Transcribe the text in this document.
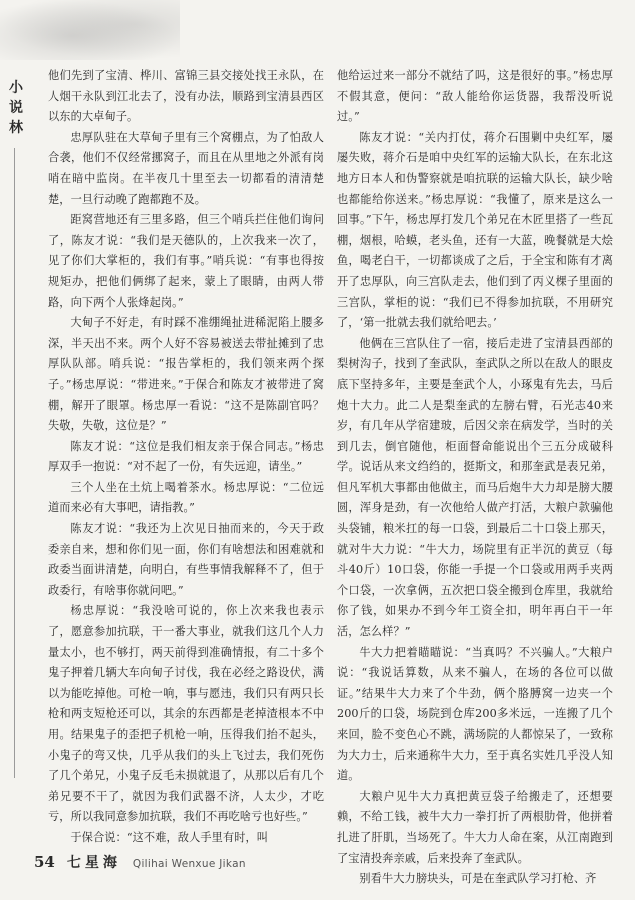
小说林

他们先到了宝清、桦川、富锦三县交接处找王永队，在人烟干永队到江北去了，没有办法，顺路到宝清县西区以东的大卓甸子。

忠厚队驻在大草甸子里有三个窝棚点，为了怕敌人合袭，他们不仅经常挪窝子，而且在从里地之外派有岗哨在暗中监岗。在半夜几十里至去一切都看的清清楚楚，一旦行动晚了跑都跑不及。

距窝营地还有三里多路，但三个哨兵拦住他们询问了，陈友才说：“我们是天德队的，上次我来一次了，见了你们大掌柜的，我们有事。”哨兵说：“有事也得按规矩办，把他们俩绑了起来，蒙上了眼睛，由两人带路，向下两个人张烽起岗。”

大甸子不好走，有时踩不准绷绳扯进稀泥陷上腰多深，半天出不来。两个人好不容易被送去带扯摊到了忠厚队队部。哨兵说：“报告掌柜的，我们领来两个探子。”杨忠厚说：“带进来。”于保合和陈友才被带进了窝棚，解开了眼罩。杨忠厚一看说：“这不是陈副官吗？失敬，失敬，这位是？”

陈友才说：“这位是我们相友亲于保合同志。”杨忠厚双手一抱说：“对不起了一份，有失远迎，请坐。”

三个人坐在土炕上喝着茶水。杨忠厚说：“二位远道而来必有大事吧，请指教。”

陈友才说：“我还为上次见日抽而来的，今天于政委亲自来，想和你们见一面，你们有啥想法和困难就和政委当面讲清楚，向明白，有些事情我解释不了，但于政委行，有啥事你就问吧。”

杨忠厚说：“我没啥可说的，你上次来我也表示了，愿意参加抗联，干一番大事业，就我们这几个人力量太小，也不够打，两天前得到准确情报，有二十多个鬼子押着几辆大车向甸子讨伐，我在必经之路设伏，满以为能吃掉他。可枪一响，事与愿违，我们只有两只长枪和两支短枪还可以，其余的东西都是老掉渣根本不中用。结果鬼子的歪把子机枪一响，压得我们抬不起头，小鬼子的弯又快，几乎从我们的头上飞过去，我们死伤了几个弟兄，小鬼子反毛未损就退了，从那以后有几个弟兄要不干了，就因为我们武器不济，人太少，才吃亏，所以我同意参加抗联，我们不再吃啥亏也好些。”

于保合说：“这不难，敌人手里有时，叫

他给运过来一部分不就结了吗，这是很好的事。”杨忠厚不假其意，便问：“敌人能给你运货器，我帮没听说过。”

陈友才说：“关内打仗，蒋介石围剿中央红军，屡屡失败，蒋介石是咱中央红军的运输大队长，在东北这地方日本人和伪警察就是咱抗联的运输大队长，缺少啥也都能给你送来。”杨忠厚说：“我懂了，原来是这么一回事。”下午，杨忠厚打发几个弟兄在木匠里搭了一些瓦棚，烟根，哈蟆，老头鱼，还有一大蓝，晚餐就是大烩鱼，喝老白干，一切都谈成了之后，于全宝和陈有才离开了忠厚队，向三宫队走去，他们到了丙义棵子里面的三宫队，掌柜的说：“我们已不得参加抗联，不用研究了，‘第一批就去我们就给吧去。’

他俩在三宫队住了一宿，接后走进了宝清县西部的梨树沟子，找到了奎武队，奎武队之所以在敌人的眼皮底下坚持多年，主要是奎武个人，小琢鬼有先去，马后炮十大力。此二人是梨奎武的左膀右臂，石光志40来岁，有几年从学宿建玻，后因父亲在病发学，当时的关到几去，倒官随他，柜面督命能说出个三五分成破科学。说话从来文绉绉的，挺斯文，和那奎武是表兄弟，但凡军机大事都由他做主，而马后炮牛大力却是膀大腰圆，浑身是劲，有一次他给人做产打活，大粮户款骗他头袋铺，粮米扛的每一口袋，到最后二十口袋上那天，就对牛大力说：“牛大力，场院里有正半沉的黄豆（每斗40斤）10口袋，你能一手提一个口袋或用两手夹两个口袋，一次拿俩，五次把口袋全搬到仓库里，我就给你了钱，如果办不到今年工资全扣，明年再白干一年活，怎么样？”

牛大力把着瞄瞄说：“当真吗？不兴骗人。”大粮户说：“我说话算数，从来不骗人，在场的各位可以做证。”结果牛大力来了个牛劲，俩个胳膊窝一边夹一个200斤的口袋，场院到仓库200多米远，一连搬了几个来回，脸不变色心不跳，满场院的人都惊呆了，一致称为大力士，后来通称牛大力，至于真名实姓几乎没人知道。

大粮户见牛大力真把黄豆袋子给搬走了，还想要赖，不给工钱，被牛大力一拳打折了两根肋骨，他拼着扎进了肝肌，当场死了。牛大力人命在案，从江南跑到了宝清投奔亲戚，后来投奔了奎武队。

别看牛大力膀块头，可是在奎武队学习打枪、齐

54 七星海 Qilihai Wenxue Jikan
